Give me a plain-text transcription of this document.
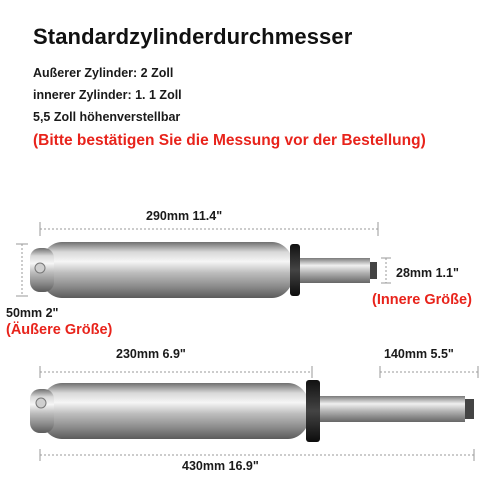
Standardzylinderdurchmesser
Außerer Zylinder: 2 Zoll
innerer Zylinder: 1. 1 Zoll
5,5 Zoll höhenverstellbar
(Bitte bestätigen Sie die Messung vor der Bestellung)
290mm 11.4"
50mm 2"
(Äußere Größe)
28mm 1.1"
(Innere Größe)
230mm 6.9"	140mm 5.5"
430mm 16.9"
